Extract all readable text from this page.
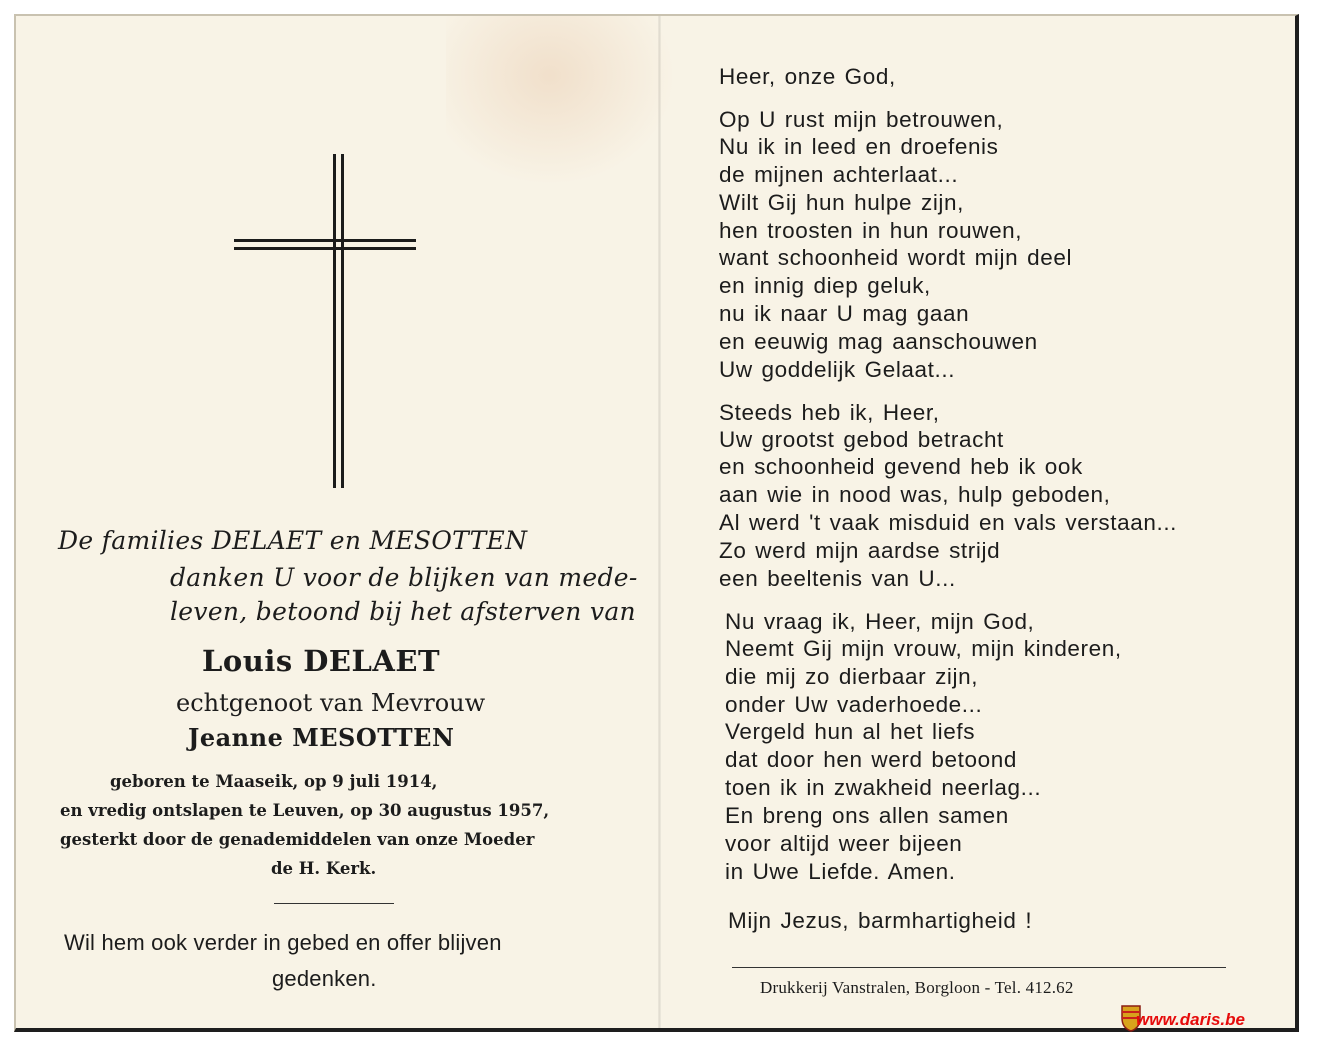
De families DELAET en MESOTTEN
danken U voor de blijken van mede-
leven, betoond bij het afsterven van
Louis DELAET
echtgenoot van Mevrouw
Jeanne MESOTTEN
geboren te Maaseik, op 9 juli 1914,
en vredig ontslapen te Leuven, op 30 augustus 1957,
gesterkt door de genademiddelen van onze Moeder
de H. Kerk.
Wil hem ook verder in gebed en offer blijven
gedenken.
Heer, onze God,
Op U rust mijn betrouwen,
Nu ik in leed en droefenis
de mijnen achterlaat...
Wilt Gij hun hulpe zijn,
hen troosten in hun rouwen,
want schoonheid wordt mijn deel
en innig diep geluk,
nu ik naar U mag gaan
en eeuwig mag aanschouwen
Uw goddelijk Gelaat...
Steeds heb ik, Heer,
Uw grootst gebod betracht
en schoonheid gevend heb ik ook
aan wie in nood was, hulp geboden,
Al werd 't vaak misduid en vals verstaan...
Zo werd mijn aardse strijd
een beeltenis van U...
Nu vraag ik, Heer, mijn God,
Neemt Gij mijn vrouw, mijn kinderen,
die mij zo dierbaar zijn,
onder Uw vaderhoede...
Vergeld hun al het liefs
dat door hen werd betoond
toen ik in zwakheid neerlag...
En breng ons allen samen
voor altijd weer bijeen
in Uwe Liefde. Amen.
Mijn Jezus, barmhartigheid !
Drukkerij Vanstralen, Borgloon - Tel. 412.62
www.daris.be
